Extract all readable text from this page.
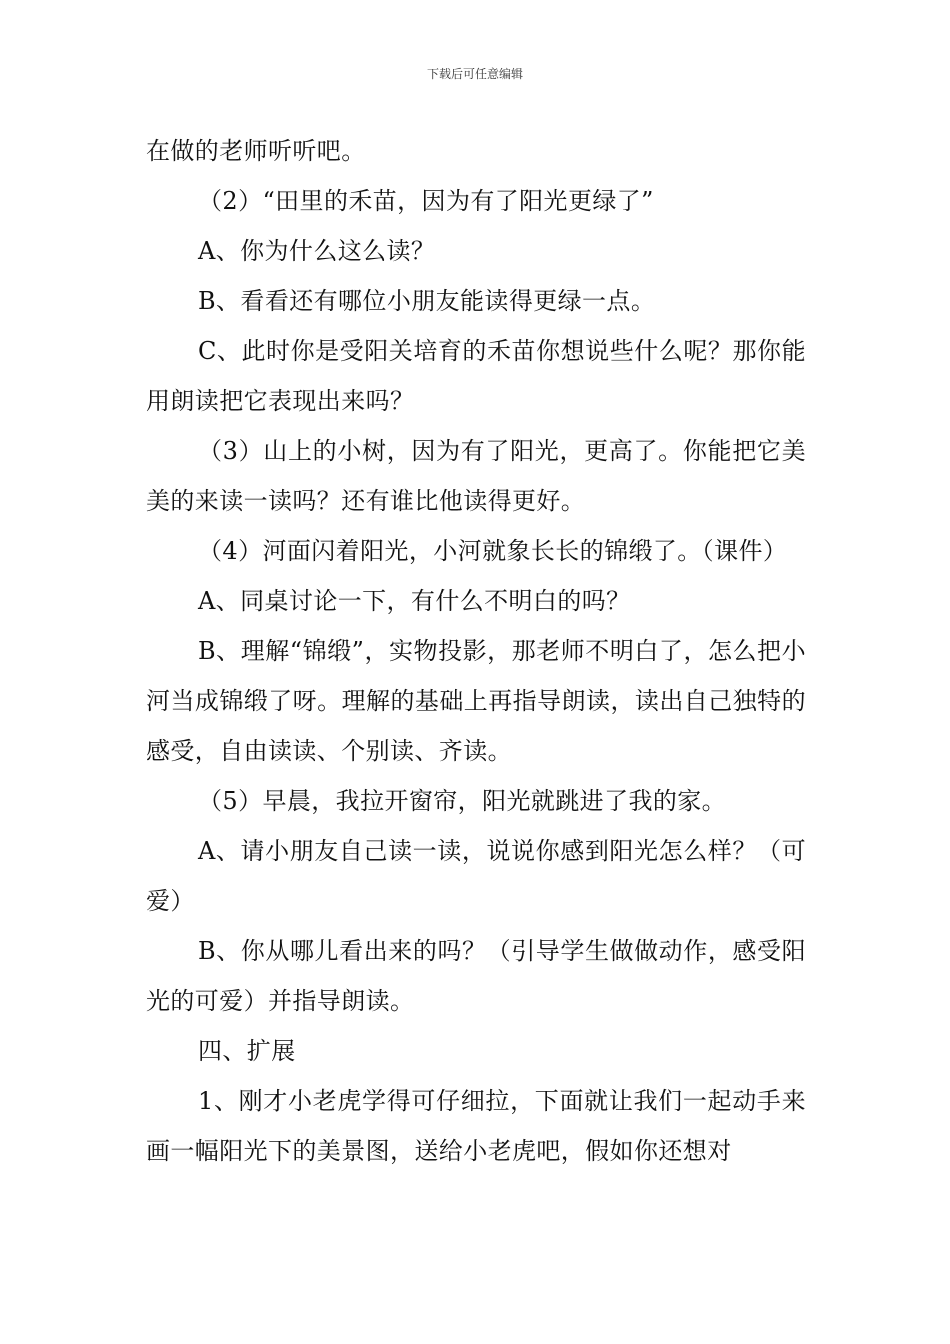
下载后可任意编辑

在做的老师听听吧。

（2）“田里的禾苗，因为有了阳光更绿了”

A、你为什么这么读？

B、看看还有哪位小朋友能读得更绿一点。

C、此时你是受阳关培育的禾苗你想说些什么呢？那你能用朗读把它表现出来吗？

（3）山上的小树，因为有了阳光，更高了。你能把它美美的来读一读吗？还有谁比他读得更好。

（4）河面闪着阳光，小河就象长长的锦缎了。（课件）

A、同桌讨论一下，有什么不明白的吗？

B、理解“锦缎”，实物投影，那老师不明白了，怎么把小河当成锦缎了呀。理解的基础上再指导朗读，读出自己独特的感受，自由读读、个别读、齐读。

（5）早晨，我拉开窗帘，阳光就跳进了我的家。

A、请小朋友自己读一读，说说你感到阳光怎么样？（可爱）

B、你从哪儿看出来的吗？（引导学生做做动作，感受阳光的可爱）并指导朗读。

四、扩展

1、刚才小老虎学得可仔细拉，下面就让我们一起动手来画一幅阳光下的美景图，送给小老虎吧，假如你还想对
